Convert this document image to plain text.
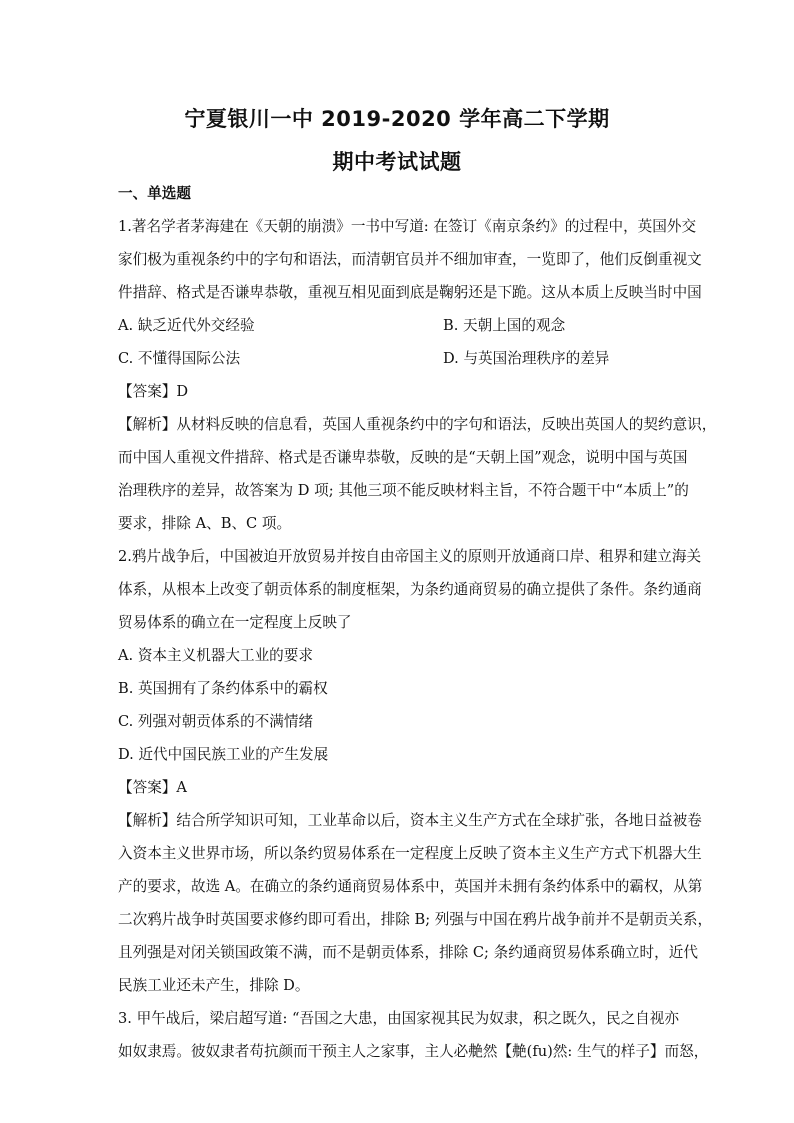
宁夏银川一中 2019-2020 学年高二下学期
期中考试试题
一、单选题
1.著名学者茅海建在《天朝的崩溃》一书中写道: 在签订《南京条约》的过程中，英国外交
家们极为重视条约中的字句和语法，而清朝官员并不细加审查，一览即了，他们反倒重视文
件措辞、格式是否谦卑恭敬，重视互相见面到底是鞠躬还是下跪。这从本质上反映当时中国
A. 缺乏近代外交经验	B. 天朝上国的观念
C. 不懂得国际公法	D. 与英国治理秩序的差异
【答案】D
【解析】从材料反映的信息看，英国人重视条约中的字句和语法，反映出英国人的契约意识，
而中国人重视文件措辞、格式是否谦卑恭敬，反映的是“天朝上国”观念，说明中国与英国
治理秩序的差异，故答案为 D 项; 其他三项不能反映材料主旨，不符合题干中“本质上”的
要求，排除 A、B、C 项。
2.鸦片战争后，中国被迫开放贸易并按自由帝国主义的原则开放通商口岸、租界和建立海关
体系，从根本上改变了朝贡体系的制度框架，为条约通商贸易的确立提供了条件。条约通商
贸易体系的确立在一定程度上反映了
A. 资本主义机器大工业的要求
B. 英国拥有了条约体系中的霸权
C. 列强对朝贡体系的不满情绪
D. 近代中国民族工业的产生发展
【答案】A
【解析】结合所学知识可知，工业革命以后，资本主义生产方式在全球扩张，各地日益被卷
入资本主义世界市场，所以条约贸易体系在一定程度上反映了资本主义生产方式下机器大生
产的要求，故选 A。在确立的条约通商贸易体系中，英国并未拥有条约体系中的霸权，从第
二次鸦片战争时英国要求修约即可看出，排除 B; 列强与中国在鸦片战争前并不是朝贡关系，
且列强是对闭关锁国政策不满，而不是朝贡体系，排除 C; 条约通商贸易体系确立时，近代
民族工业还未产生，排除 D。
3. 甲午战后，梁启超写道: “吾国之大患，由国家视其民为奴隶，积之既久，民之自视亦
如奴隶焉。彼奴隶者苟抗颜而干预主人之家事，主人必艴然【艴(fu)然: 生气的样子】而怒，
